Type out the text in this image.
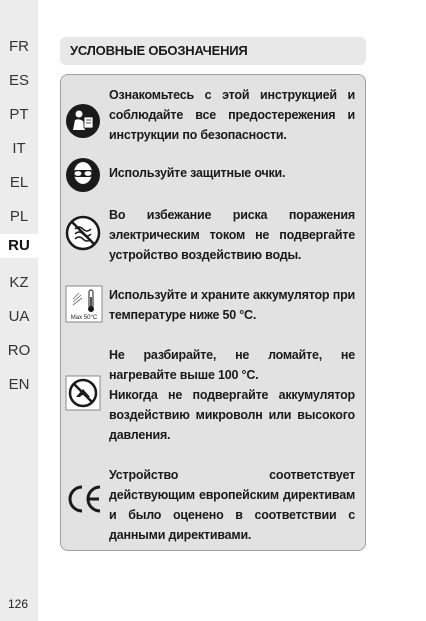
FR
ES
PT
IT
EL
PL
RU
KZ
UA
RO
EN
126
УСЛОВНЫЕ ОБОЗНАЧЕНИЯ

Ознакомьтесь с этой инструкцией и соблюдайте все предостережения и инструкции по безопасности.

Используйте защитные очки.

Во избежание риска поражения электрическим током не подвергайте устройство воздействию воды.

Max 50°C

Используйте и храните аккумулятор при температуре ниже 50 °C.

Не разбирайте, не ломайте, не нагревайте выше 100 °C.

Никогда не подвергайте аккумулятор воздействию микроволн или высокого давления.

Устройство соответствует действующим европейским директивам и было оценено в соответствии с данными директивами.
